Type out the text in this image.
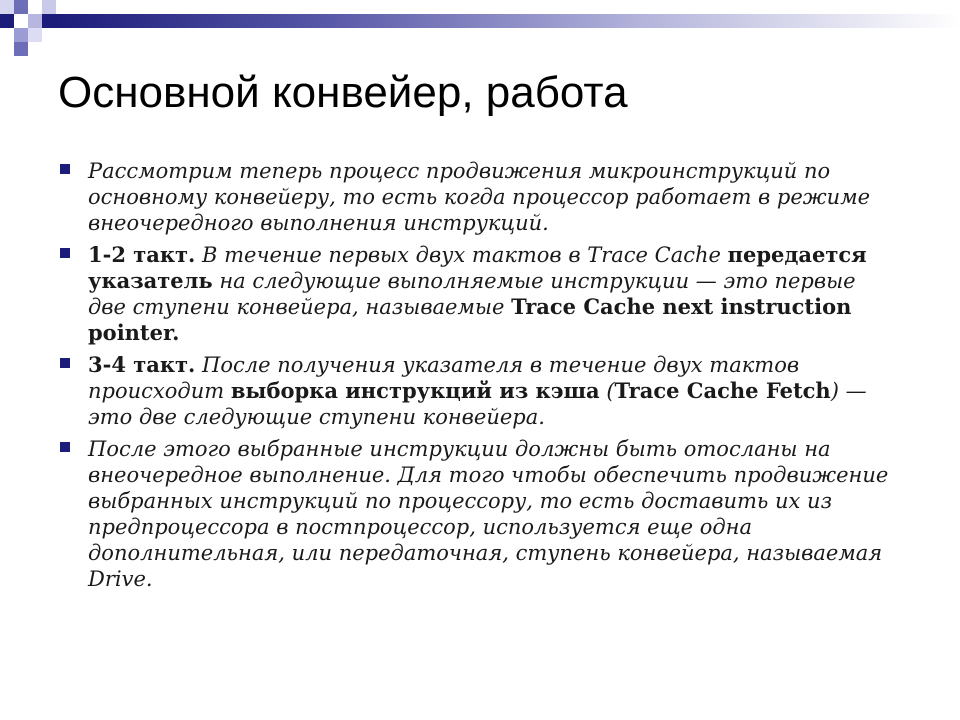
Основной конвейер, работа
Рассмотрим теперь процесс продвижения микроинструкций по основному конвейеру, то есть когда процессор работает в режиме внеочередного выполнения инструкций.
1-2 такт. В течение первых двух тактов в Trace Cache передается указатель на следующие выполняемые инструкции — это первые две ступени конвейера, называемые Trace Cache next instruction pointer.
3-4 такт. После получения указателя в течение двух тактов происходит выборка инструкций из кэша (Trace Cache Fetch) — это две следующие ступени конвейера.
После этого выбранные инструкции должны быть отосланы на внеочередное выполнение. Для того чтобы обеспечить продвижение выбранных инструкций по процессору, то есть доставить их из предпроцессора в постпроцессор, используется еще одна дополнительная, или передаточная, ступень конвейера, называемая Drive.
